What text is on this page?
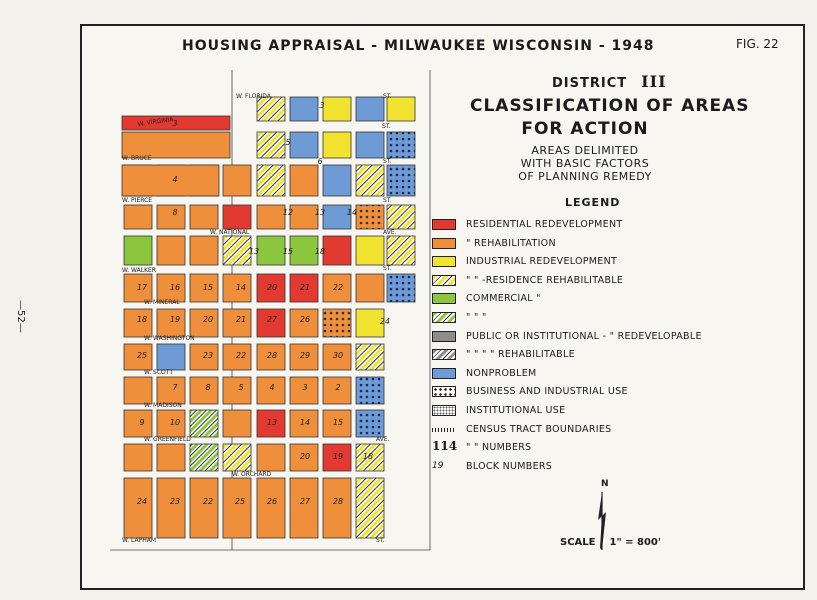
HOUSING APPRAISAL - MILWAUKEE WISCONSIN - 1948	FIG. 22
—52—
DISTRICT III
CLASSIFICATION OF AREAS
FOR ACTION
AREAS DELIMITED
WITH BASIC FACTORS
OF PLANNING REMEDY
LEGEND
RESIDENTIAL REDEVELOPMENT
" REHABILITATION
INDUSTRIAL REDEVELOPMENT
" " -RESIDENCE REHABILITABLE
COMMERCIAL "
" " "
PUBLIC OR INSTITUTIONAL - " REDEVELOPABLE
" " " " REHABILITABLE
NONPROBLEM
BUSINESS AND INDUSTRIAL USE
INSTITUTIONAL USE
CENSUS TRACT BOUNDARIES
114 " " NUMBERS
19	BLOCK NUMBERS
N
SCALE 1" = 800'
3
4
6
5
3
8	12	13	14
13	15	18
17	16	15	14	20	21	22
18	19	20	21	27	26	24
25	23	22	28	29	30
8
7	5	4	3	2
9	10	13	14	15
20	19 18
24	23	22	25	26	27	28
W. FLORIDA	ST.
W. VIRGINIA	ST.
W. BRUCE	ST.
W. PIERCE	ST.
W. NATIONAL	AVE.
W. WALKER	ST.
W. MINERAL
W. WASHINGTON
W. SCOTT
W. MADISON
W. GREENFIELD	AVE.
W. ORCHARD
W. LAPHAM	ST.
